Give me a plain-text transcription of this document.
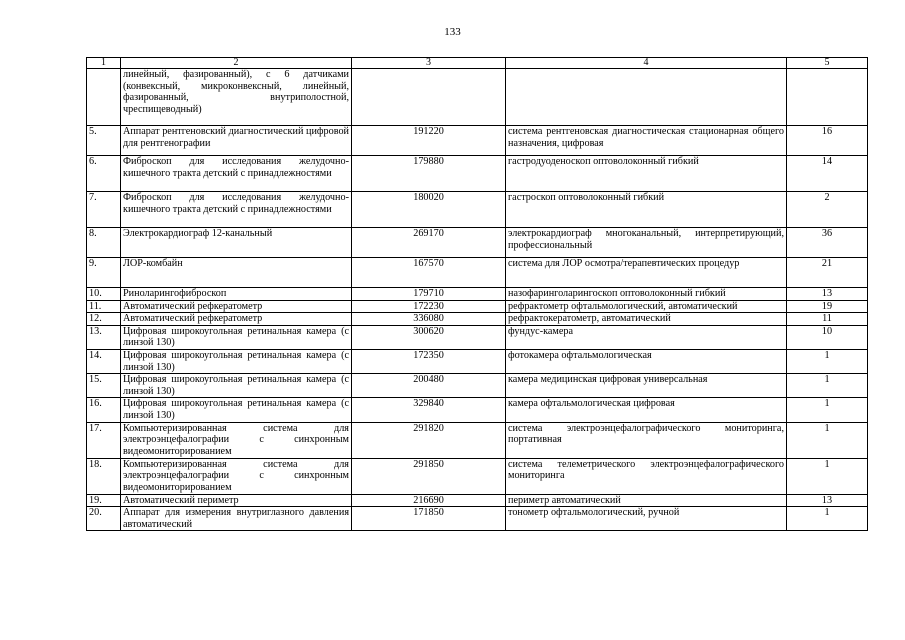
133
1	2	3	4	5
	линейный, фазированный), с 6 датчиками (конвексный, микроконвексный, линейный, фазированный, внутриполостной, чреспищеводный)			
5.	Аппарат рентгеновский диагностический цифровой для рентгенографии	191220	система рентгеновская диагностическая стационарная общего назначения, цифровая	16
6.	Фиброскоп для исследования желудочно-кишечного тракта детский с принадлежностями	179880	гастродуоденоскоп оптоволоконный гибкий	14
7.	Фиброскоп для исследования желудочно-кишечного тракта детский с принадлежностями	180020	гастроскоп оптоволоконный гибкий	2
8.	Электрокардиограф 12-канальный	269170	электрокардиограф многоканальный, интерпретирующий, профессиональный	36
9.	ЛОР-комбайн	167570	система для ЛОР осмотра/терапевтических процедур	21
10.	Риноларингофиброскоп	179710	назофаринголарингоскоп оптоволоконный гибкий	13
11.	Автоматический рефкератометр	172230	рефрактометр офтальмологический, автоматический	19
12.	Автоматический рефкератометр	336080	рефрактокератометр, автоматический	11
13.	Цифровая широкоугольная ретинальная камера (с линзой 130)	300620	фундус-камера	10
14.	Цифровая широкоугольная ретинальная камера (с линзой 130)	172350	фотокамера офтальмологическая	1
15.	Цифровая широкоугольная ретинальная камера (с линзой 130)	200480	камера медицинская цифровая универсальная	1
16.	Цифровая широкоугольная ретинальная камера (с линзой 130)	329840	камера офтальмологическая цифровая	1
17.	Компьютеризированная система для электроэнцефалографии с синхронным видеомониторированием	291820	система электроэнцефалографического мониторинга, портативная	1
18.	Компьютеризированная система для электроэнцефалографии с синхронным видеомониторированием	291850	система телеметрического электроэнцефалографического мониторинга	1
19.	Автоматический периметр	216690	периметр автоматический	13
20.	Аппарат для измерения внутриглазного давления автоматический	171850	тонометр офтальмологический, ручной	1
